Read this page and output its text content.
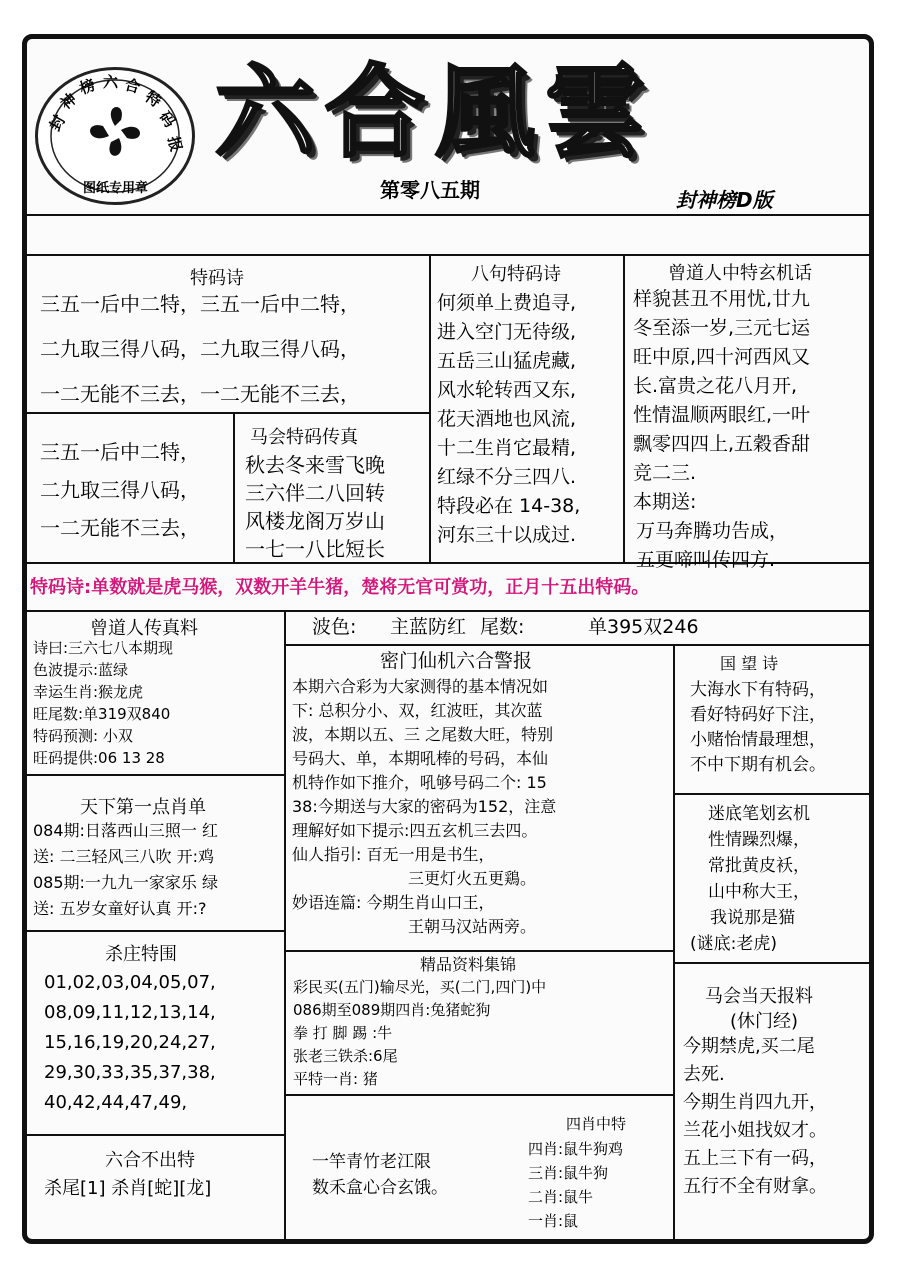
封
神
榜 六 合
特
码
报
图纸专用章
六合風雲
第零八五期	封神榜D版
特码诗
三五一后中二特，三五一后中二特，
二九取三得八码，二九取三得八码，
一二无能不三去，一二无能不三去，
三五一后中二特，
二九取三得八码，
一二无能不三去，
马会特码传真
秋去冬来雪飞晚
三六伴二八回转
风楼龙阁万岁山
一七一八比短长
八句特码诗
何须单上费追寻,
进入空门无待级,
五岳三山猛虎藏,
风水轮转西又东,
花天酒地也风流,
十二生肖它最精,
红绿不分三四八.
特段必在 14-38,
河东三十以成过.
曾道人中特玄机话
样貌甚丑不用忧,廿九
冬至添一岁,三元七运
旺中原,四十河西风又
长.富贵之花八月开,
性情温顺两眼红,一叶
飘零四四上,五穀香甜
竞二三.
本期送:
万马奔腾功告成，
五更啼叫传四方.
特码诗:单数就是虎马猴，双数开羊牛猪，楚将无官可赏功，正月十五出特码。
波色: 主蓝防红 尾数:	单395双246
曾道人传真料
诗曰:三六七八本期现
色波提示:蓝绿
幸运生肖:猴龙虎
旺尾数:单319双840
特码预测: 小双
旺码提供:06 13 28
天下第一点肖单
084期:日落西山三照一 红
送: 二三轻风三八吹 开:鸡
085期:一九九一家家乐 绿
送: 五岁女童好认真 开:?
杀庄特围
01,02,03,04,05,07,
08,09,11,12,13,14,
15,16,19,20,24,27,
29,30,33,35,37,38,
40,42,44,47,49,
六合不出特
杀尾[1] 杀肖[蛇][龙]
密门仙机六合警报
本期六合彩为大家测得的基本情况如
下: 总积分小、双，红波旺，其次蓝
波，本期以五、三 之尾数大旺，特别
号码大、单，本期吼棒的号码，本仙
机特作如下推介，吼够号码二个: 15
38:今期送与大家的密码为152，注意
理解好如下提示:四五玄机三去四。
仙人指引: 百无一用是书生，
三更灯火五更鶏。
妙语连篇: 今期生肖山口王，
王朝马汉站两旁。
国 望 诗
大海水下有特码，
看好特码好下注，
小赌怡情最理想，
不中下期有机会。
迷底笔划玄机
性情躁烈爆，
常批黄皮袄，
山中称大王，
我说那是猫
(谜底:老虎)
精品资料集锦
彩民买(五门)输尽光，买(二门,四门)中
086期至089期四肖:兔猪蛇狗
拳 打 脚 踢 :牛
张老三铁杀:6尾
平特一肖: 猪
一竿青竹老江限
数禾盒心合玄饿。
四肖中特
四肖:鼠牛狗鸡
三肖:鼠牛狗
二肖:鼠牛
一肖:鼠
马会当天报料
(休门经)
今期禁虎,买二尾
去死.
今期生肖四九开，
兰花小姐找奴才。
五上三下有一码，
五行不全有财拿。
